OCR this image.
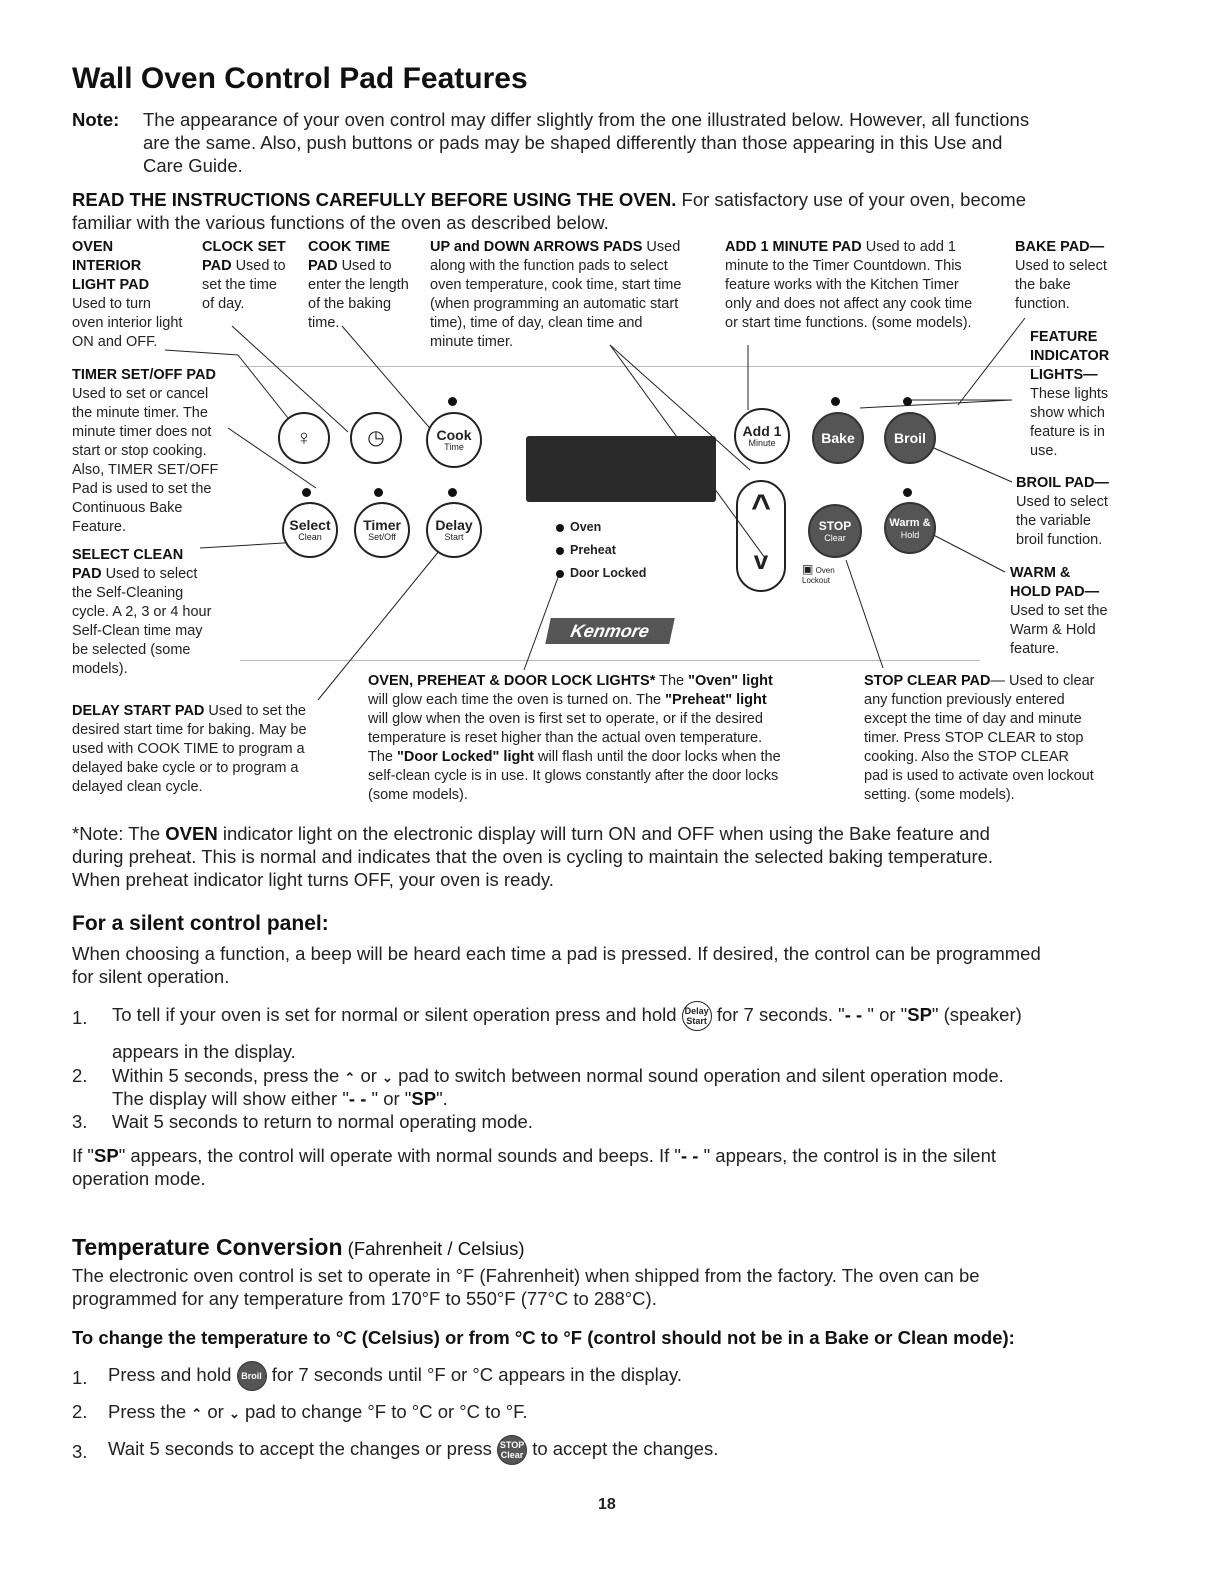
Wall Oven Control Pad Features
Note: The appearance of your oven control may differ slightly from the one illustrated below. However, all functions
are the same. Also, push buttons or pads may be shaped differently than those appearing in this Use and
Care Guide.
READ THE INSTRUCTIONS CAREFULLY BEFORE USING THE OVEN. For satisfactory use of your oven, become
familiar with the various functions of the oven as described below.
OVEN
INTERIOR
LIGHT PAD
Used to turn
oven interior light
ON and OFF.
CLOCK SET
PAD Used to
set the time
of day.
COOK TIME
PAD Used to
enter the length
of the baking
time.
UP and DOWN ARROWS PADS Used
along with the function pads to select
oven temperature, cook time, start time
(when programming an automatic start
time), time of day, clean time and
minute timer.
ADD 1 MINUTE PAD Used to add 1
minute to the Timer Countdown. This
feature works with the Kitchen Timer
only and does not affect any cook time
or start time functions. (some models).
BAKE PAD—
Used to select
the bake
function.
FEATURE
INDICATOR
LIGHTS—
These lights
show which
feature is in
use.
BROIL PAD—
Used to select
the variable
broil function.
WARM &
HOLD PAD—
Used to set the
Warm & Hold
feature.
TIMER SET/OFF PAD
Used to set or cancel
the minute timer. The
minute timer does not
start or stop cooking.
Also, TIMER SET/OFF
Pad is used to set the
Continuous Bake
Feature.
SELECT CLEAN
PAD Used to select
the Self-Cleaning
cycle. A 2, 3 or 4 hour
Self-Clean time may
be selected (some
models).
DELAY START PAD Used to set the
desired start time for baking. May be
used with COOK TIME to program a
delayed bake cycle or to program a
delayed clean cycle.
OVEN, PREHEAT & DOOR LOCK LIGHTS* The "Oven" light
will glow each time the oven is turned on. The "Preheat" light
will glow when the oven is first set to operate, or if the desired
temperature is reset higher than the actual oven temperature.
The "Door Locked" light will flash until the door locks when the
self-clean cycle is in use. It glows constantly after the door locks
(some models).
STOP CLEAR PAD— Used to clear
any function previously entered
except the time of day and minute
timer. Press STOP CLEAR to stop
cooking. Also the STOP CLEAR
pad is used to activate oven lockout
setting. (some models).
♀	◷	Cook
Time
Select
Clean
Timer
Set/Off
Delay
Start
Oven
Preheat
Door Locked
Kenmore
Add 1
Minute
^
v
Bake	Broil
STOP
Clear
Warm &
Hold
▣ Oven Lockout
*Note: The OVEN indicator light on the electronic display will turn ON and OFF when using the Bake feature and
during preheat. This is normal and indicates that the oven is cycling to maintain the selected baking temperature.
When preheat indicator light turns OFF, your oven is ready.
For a silent control panel:
When choosing a function, a beep will be heard each time a pad is pressed. If desired, the control can be programmed
for silent operation.
1. To tell if your oven is set for normal or silent operation press and hold Delay
Start for 7 seconds. "- - " or "SP" (speaker)
appears in the display.
2. Within 5 seconds, press the ⌃ or ⌄ pad to switch between normal sound operation and silent operation mode.
The display will show either "- - " or "SP".
3. Wait 5 seconds to return to normal operating mode.
If "SP" appears, the control will operate with normal sounds and beeps. If "- - " appears, the control is in the silent
operation mode.
Temperature Conversion (Fahrenheit / Celsius)
The electronic oven control is set to operate in °F (Fahrenheit) when shipped from the factory. The oven can be
programmed for any temperature from 170°F to 550°F (77°C to 288°C).
To change the temperature to °C (Celsius) or from °C to °F (control should not be in a Bake or Clean mode):
1. Press and hold Broil for 7 seconds until °F or °C appears in the display.
2. Press the ⌃ or ⌄ pad to change °F to °C or °C to °F.
3. Wait 5 seconds to accept the changes or press STOP
Clear to accept the changes.
18
